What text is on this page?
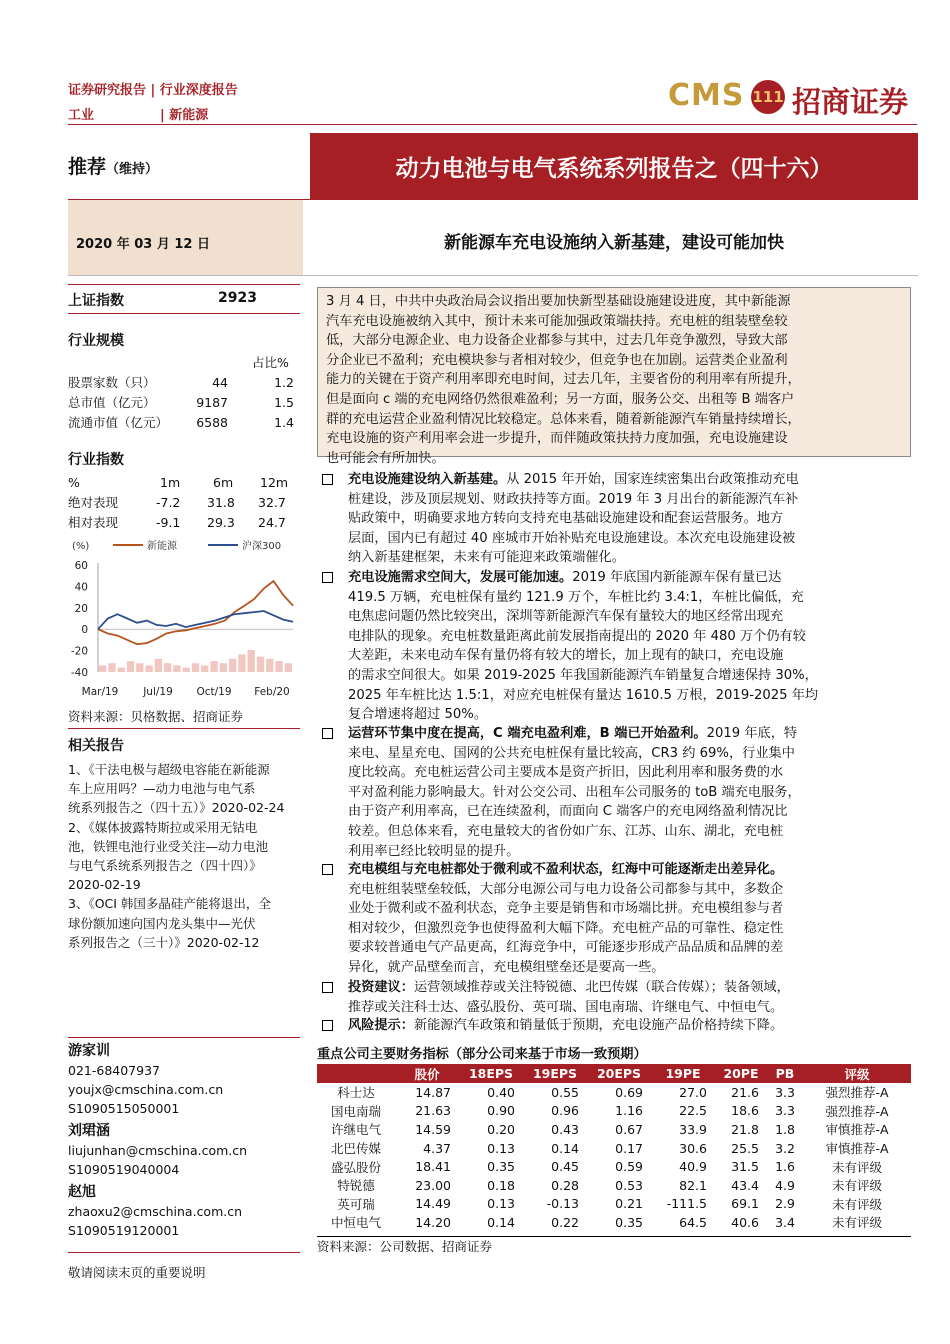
证券研究报告 | 行业深度报告
工业	| 新能源
CMS 111 招商证券
推荐（维持）	动力电池与电气系统系列报告之（四十六）
2020 年 03 月 12 日	新能源车充电设施纳入新基建，建设可能加快
上证指数	2923
行业规模
占比%
股票家数（只）	44	1.2
总市值（亿元）	9187	1.5
流通市值（亿元） 6588	1.4
行业指数
%	1m	6m 12m
绝对表现	-7.2 31.8 32.7
相对表现	-9.1 29.3 24.7
(%)	新能源	沪深300
60
40
20
0
-20
-40
Mar/19 Jul/19 Oct/19 Feb/20
资料来源：贝格数据、招商证券
相关报告
1、《干法电极与超级电容能在新能源
车上应用吗？—动力电池与电气系
统系列报告之（四十五）》2020-02-24
2、《媒体披露特斯拉或采用无钴电
池，铁锂电池行业受关注—动力电池
与电气系统系列报告之（四十四）》
2020-02-19
3、《OCI 韩国多晶硅产能将退出，全
球份额加速向国内龙头集中—光伏
系列报告之（三十）》2020-02-12
游家训
021-68407937
youjx@cmschina.com.cn
S1090515050001
刘珺涵
liujunhan@cmschina.com.cn
S1090519040004
赵旭
zhaoxu2@cmschina.com.cn
S1090519120001
敬请阅读末页的重要说明
3 月 4 日，中共中央政治局会议指出要加快新型基础设施建设进度，其中新能源
汽车充电设施被纳入其中，预计未来可能加强政策端扶持。充电桩的组装壁垒较
低，大部分电源企业、电力设备企业都参与其中，过去几年竞争激烈，导致大部
分企业已不盈利；充电模块参与者相对较少，但竞争也在加剧。运营类企业盈利
能力的关键在于资产利用率即充电时间，过去几年，主要省份的利用率有所提升，
但是面向 c 端的充电网络仍然很难盈利；另一方面，服务公交、出租等 B 端客户
群的充电运营企业盈利情况比较稳定。总体来看，随着新能源汽车销量持续增长，
充电设施的资产利用率会进一步提升，而伴随政策扶持力度加强，充电设施建设
也可能会有所加快。
充电设施建设纳入新基建。从 2015 年开始，国家连续密集出台政策推动充电
桩建设，涉及顶层规划、财政扶持等方面。2019 年 3 月出台的新能源汽车补
贴政策中，明确要求地方转向支持充电基础设施建设和配套运营服务。地方
层面，国内已有超过 40 座城市开始补贴充电设施建设。本次充电设施建设被
纳入新基建框架，未来有可能迎来政策端催化。
充电设施需求空间大，发展可能加速。2019 年底国内新能源车保有量已达
419.5 万辆，充电桩保有量约 121.9 万个，车桩比约 3.4:1，车桩比偏低，充
电焦虑问题仍然比较突出，深圳等新能源汽车保有量较大的地区经常出现充
电排队的现象。充电桩数量距离此前发展指南提出的 2020 年 480 万个仍有较
大差距，未来电动车保有量仍将有较大的增长，加上现有的缺口，充电设施
的需求空间很大。如果 2019-2025 年我国新能源汽车销量复合增速保持 30%，
2025 年车桩比达 1.5:1，对应充电桩保有量达 1610.5 万根，2019-2025 年均
复合增速将超过 50%。
运营环节集中度在提高，C 端充电盈利难，B 端已开始盈利。2019 年底，特
来电、星星充电、国网的公共充电桩保有量比较高，CR3 约 69%，行业集中
度比较高。充电桩运营公司主要成本是资产折旧，因此利用率和服务费的水
平对盈利能力影响最大。针对公交公司、出租车公司服务的 toB 端充电服务，
由于资产利用率高，已在连续盈利，而面向 C 端客户的充电网络盈利情况比
较差。但总体来看，充电量较大的省份如广东、江苏、山东、湖北，充电桩
利用率已经比较明显的提升。
充电模组与充电桩都处于微利或不盈利状态，红海中可能逐渐走出差异化。
充电桩组装壁垒较低，大部分电源公司与电力设备公司都参与其中，多数企
业处于微利或不盈利状态，竞争主要是销售和市场端比拼。充电模组参与者
相对较少，但激烈竞争也使得盈利大幅下降。充电桩产品的可靠性、稳定性
要求较普通电气产品更高，红海竞争中，可能逐步形成产品品质和品牌的差
异化，就产品壁垒而言，充电模组壁垒还是要高一些。
投资建议：运营领域推荐或关注特锐德、北巴传媒（联合传媒）；装备领域，
推荐或关注科士达、盛弘股份、英可瑞、国电南瑞、许继电气、中恒电气。
风险提示：新能源汽车政策和销量低于预期，充电设施产品价格持续下降。
重点公司主要财务指标（部分公司来基于市场一致预期）
	股价	18EPS	19EPS	20EPS	19PE	20PE	PB	评级
科士达	14.87	0.40	0.55	0.69	27.0	21.6	3.3	强烈推荐-A
国电南瑞	21.63	0.90	0.96	1.16	22.5	18.6	3.3	强烈推荐-A
许继电气	14.59	0.20	0.43	0.67	33.9	21.8	1.8	审慎推荐-A
北巴传媒	4.37	0.13	0.14	0.17	30.6	25.5	3.2	审慎推荐-A
盛弘股份	18.41	0.35	0.45	0.59	40.9	31.5	1.6	未有评级
特锐德	23.00	0.18	0.28	0.53	82.1	43.4	4.9	未有评级
英可瑞	14.49	0.13	-0.13	0.21	-111.5	69.1	2.9	未有评级
中恒电气	14.20	0.14	0.22	0.35	64.5	40.6	3.4	未有评级
资料来源：公司数据、招商证券
